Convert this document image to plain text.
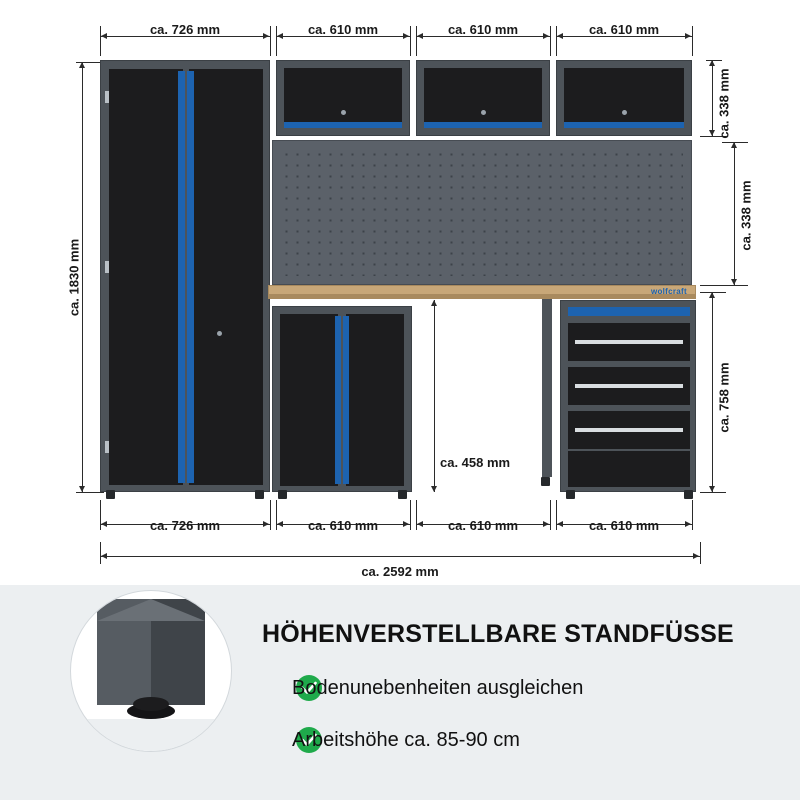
ca. 726 mm	ca. 610 mm	ca. 610 mm	ca. 610 mm
ca. 1830 mm	wolfcraft
ca. 338 mm
ca. 338 mm
ca. 758 mm
ca. 458 mm
ca. 726 mm	ca. 610 mm	ca. 610 mm	ca. 610 mm
ca. 2592 mm
HÖHENVERSTELLBARE STANDFÜSSE
Bodenunebenheiten ausgleichen
Arbeitshöhe ca. 85-90 cm
